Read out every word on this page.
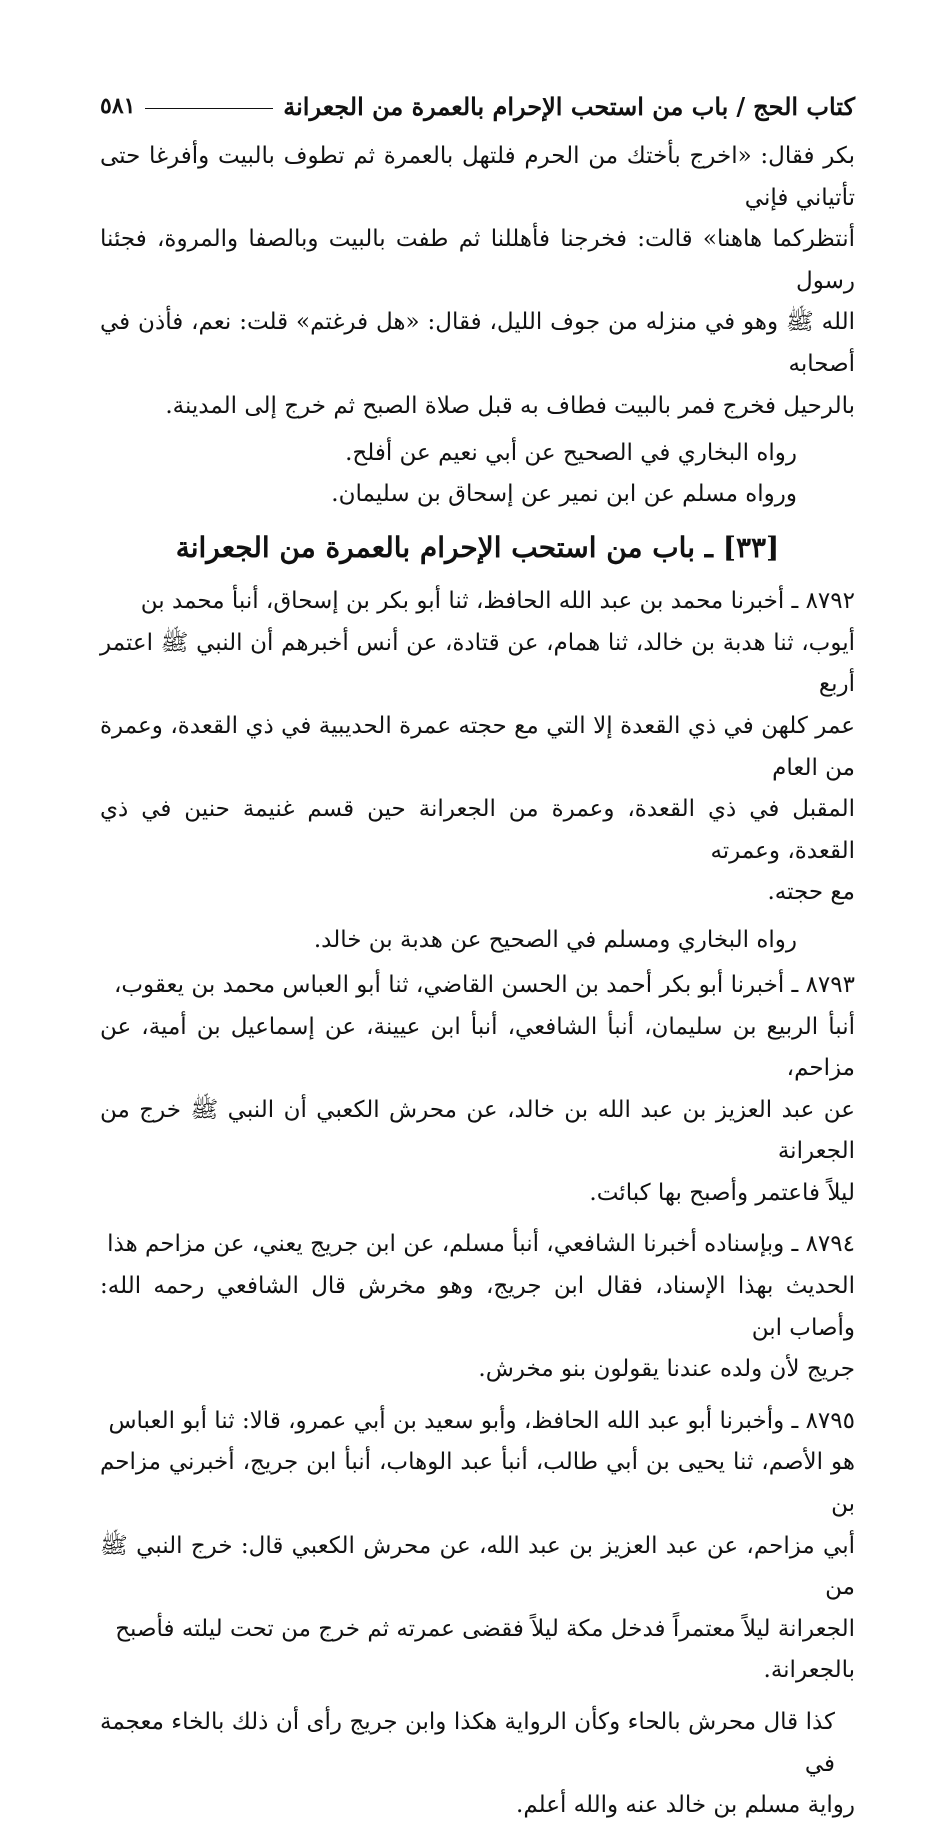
كتاب الحج
/
باب من استحب الإحرام بالعمرة من الجعرانة
٥٨١

بكر فقال: «اخرج بأختك من الحرم فلتهل بالعمرة ثم تطوف بالبيت وأفرغا حتى تأتياني فإني

أنتظركما هاهنا» قالت: فخرجنا فأهللنا ثم طفت بالبيت وبالصفا والمروة، فجئنا رسول

الله ﷺ وهو في منزله من جوف الليل، فقال: «هل فرغتم» قلت: نعم، فأذن في أصحابه

بالرحيل فخرج فمر بالبيت فطاف به قبل صلاة الصبح ثم خرج إلى المدينة.

رواه البخاري في الصحيح عن أبي نعيم عن أفلح.

ورواه مسلم عن ابن نمير عن إسحاق بن سليمان.

[٣٣] ـ باب من استحب الإحرام بالعمرة من الجعرانة

٨٧٩٢ ـ أخبرنا محمد بن عبد الله الحافظ، ثنا أبو بكر بن إسحاق، أنبأ محمد بن

أيوب، ثنا هدبة بن خالد، ثنا همام، عن قتادة، عن أنس أخبرهم أن النبي ﷺ اعتمر أربع

عمر كلهن في ذي القعدة إلا التي مع حجته عمرة الحديبية في ذي القعدة، وعمرة من العام

المقبل في ذي القعدة، وعمرة من الجعرانة حين قسم غنيمة حنين في ذي القعدة، وعمرته

مع حجته.

رواه البخاري ومسلم في الصحيح عن هدبة بن خالد.

٨٧٩٣ ـ أخبرنا أبو بكر أحمد بن الحسن القاضي، ثنا أبو العباس محمد بن يعقوب،

أنبأ الربيع بن سليمان، أنبأ الشافعي، أنبأ ابن عيينة، عن إسماعيل بن أمية، عن مزاحم،

عن عبد العزيز بن عبد الله بن خالد، عن محرش الكعبي أن النبي ﷺ خرج من الجعرانة

ليلاً فاعتمر وأصبح بها كبائت.

٨٧٩٤ ـ وبإسناده أخبرنا الشافعي، أنبأ مسلم، عن ابن جريج يعني، عن مزاحم هذا

الحديث بهذا الإسناد، فقال ابن جريج، وهو مخرش قال الشافعي رحمه الله: وأصاب ابن

جريج لأن ولده عندنا يقولون بنو مخرش.

٨٧٩٥ ـ وأخبرنا أبو عبد الله الحافظ، وأبو سعيد بن أبي عمرو، قالا: ثنا أبو العباس

هو الأصم، ثنا يحيى بن أبي طالب، أنبأ عبد الوهاب، أنبأ ابن جريج، أخبرني مزاحم بن

أبي مزاحم، عن عبد العزيز بن عبد الله، عن محرش الكعبي قال: خرج النبي ﷺ من

الجعرانة ليلاً معتمراً فدخل مكة ليلاً فقضى عمرته ثم خرج من تحت ليلته فأصبح

بالجعرانة.

كذا قال محرش بالحاء وكأن الرواية هكذا وابن جريج رأى أن ذلك بالخاء معجمة في

رواية مسلم بن خالد عنه والله أعلم.
